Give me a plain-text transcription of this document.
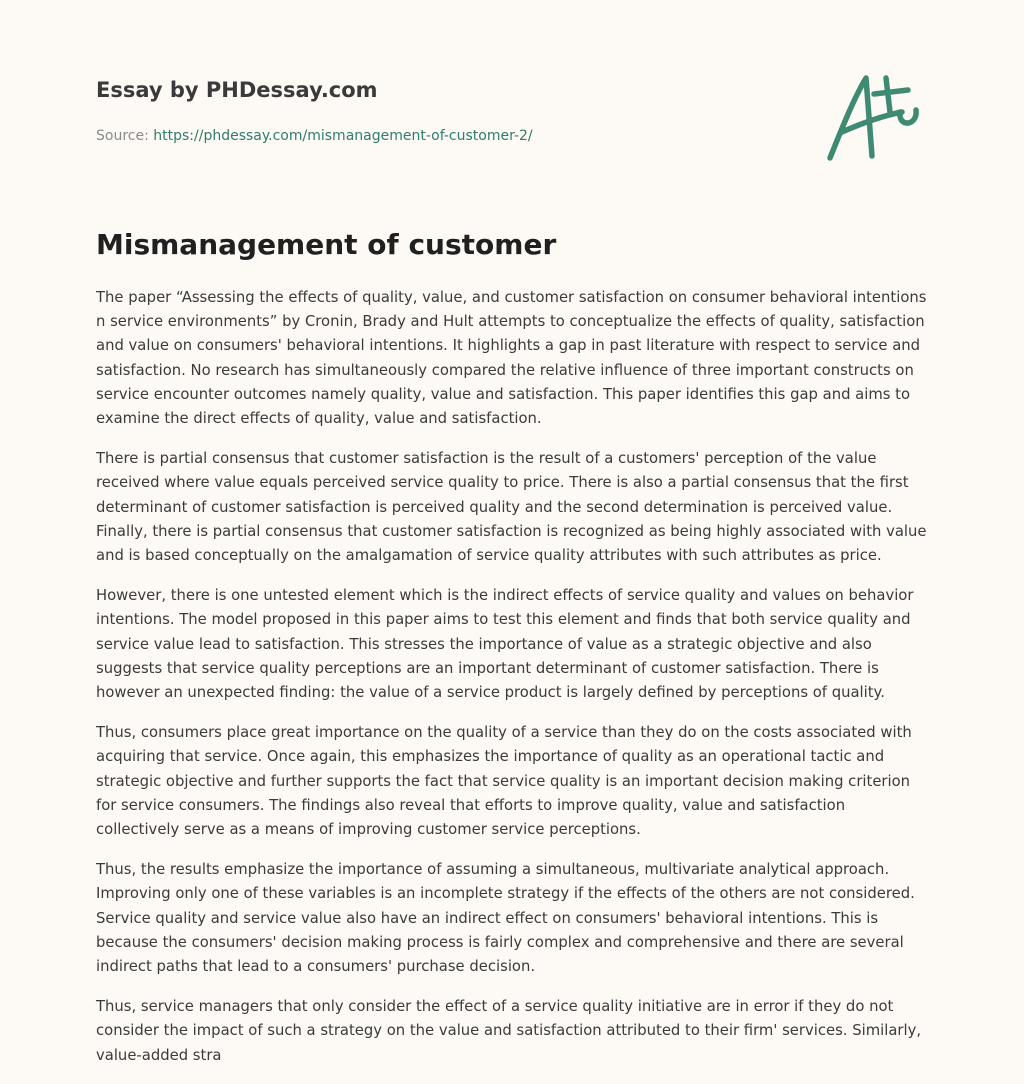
Essay by PHDessay.com
Source: https://phdessay.com/mismanagement-of-customer-2/
Mismanagement of customer

The paper “Assessing the effects of quality, value, and customer satisfaction on consumer behavioral intentions n service environments” by Cronin, Brady and Hult attempts to conceptualize the effects of quality, satisfaction and value on consumers' behavioral intentions. It highlights a gap in past literature with respect to service and satisfaction. No research has simultaneously compared the relative influence of three important constructs on service encounter outcomes namely quality, value and satisfaction. This paper identifies this gap and aims to examine the direct effects of quality, value and satisfaction.

There is partial consensus that customer satisfaction is the result of a customers' perception of the value received where value equals perceived service quality to price. There is also a partial consensus that the first determinant of customer satisfaction is perceived quality and the second determination is perceived value. Finally, there is partial consensus that customer satisfaction is recognized as being highly associated with value and is based conceptually on the amalgamation of service quality attributes with such attributes as price.

However, there is one untested element which is the indirect effects of service quality and values on behavior intentions. The model proposed in this paper aims to test this element and finds that both service quality and service value lead to satisfaction. This stresses the importance of value as a strategic objective and also suggests that service quality perceptions are an important determinant of customer satisfaction. There is however an unexpected finding: the value of a service product is largely defined by perceptions of quality.

Thus, consumers place great importance on the quality of a service than they do on the costs associated with acquiring that service. Once again, this emphasizes the importance of quality as an operational tactic and strategic objective and further supports the fact that service quality is an important decision making criterion for service consumers. The findings also reveal that efforts to improve quality, value and satisfaction collectively serve as a means of improving customer service perceptions.

Thus, the results emphasize the importance of assuming a simultaneous, multivariate analytical approach. Improving only one of these variables is an incomplete strategy if the effects of the others are not considered. Service quality and service value also have an indirect effect on consumers' behavioral intentions. This is because the consumers' decision making process is fairly complex and comprehensive and there are several indirect paths that lead to a consumers' purchase decision.

Thus, service managers that only consider the effect of a service quality initiative are in error if they do not consider the impact of such a strategy on the value and satisfaction attributed to their firm' services. Similarly, value-added stra
